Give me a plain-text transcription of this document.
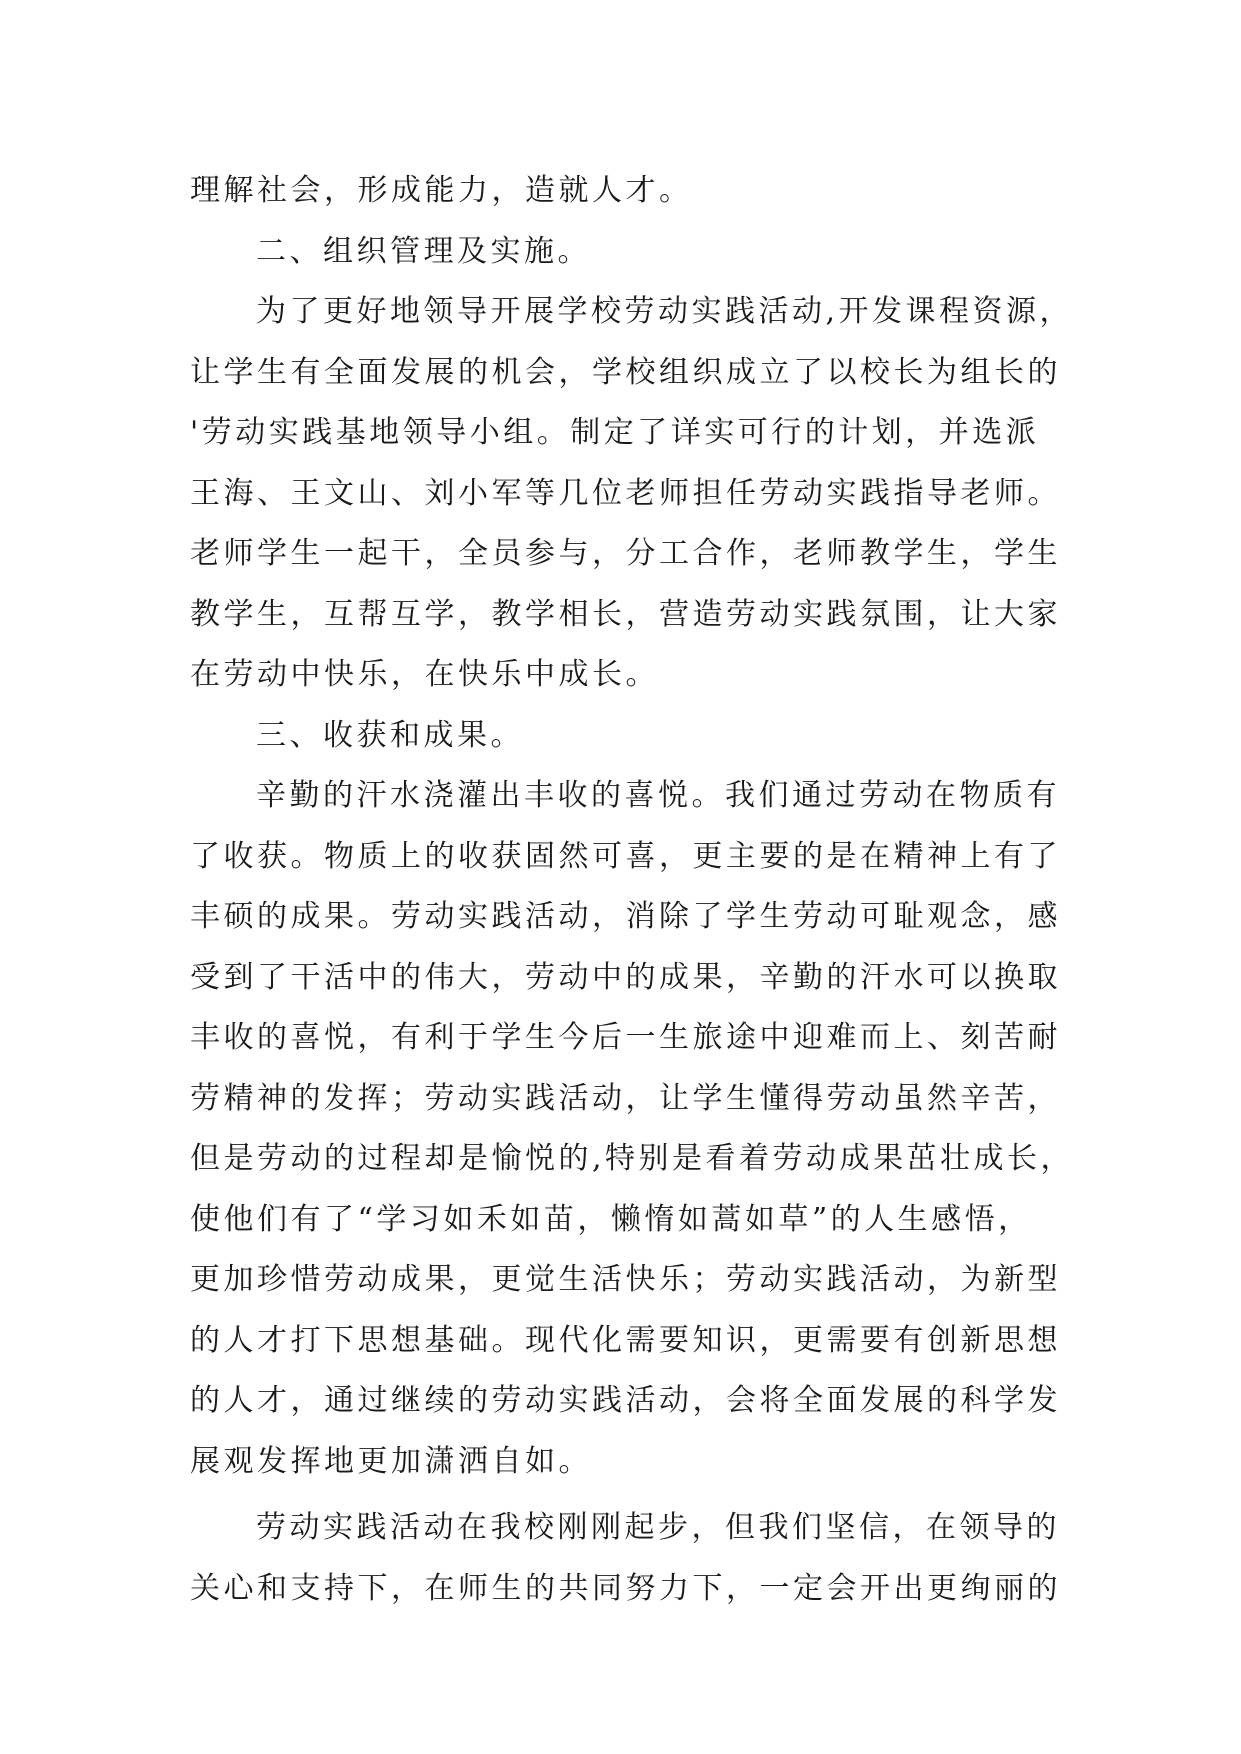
理解社会，形成能力，造就人才。
二、组织管理及实施。
为了更好地领导开展学校劳动实践活动,开发课程资源，
让学生有全面发展的机会，学校组织成立了以校长为组长的
'劳动实践基地领导小组。制定了详实可行的计划，并选派
王海、王文山、刘小军等几位老师担任劳动实践指导老师。
老师学生一起干，全员参与，分工合作，老师教学生，学生
教学生，互帮互学，教学相长，营造劳动实践氛围，让大家
在劳动中快乐，在快乐中成长。
三、收获和成果。
辛勤的汗水浇灌出丰收的喜悦。我们通过劳动在物质有
了收获。物质上的收获固然可喜，更主要的是在精神上有了
丰硕的成果。劳动实践活动，消除了学生劳动可耻观念，感
受到了干活中的伟大，劳动中的成果，辛勤的汗水可以换取
丰收的喜悦，有利于学生今后一生旅途中迎难而上、刻苦耐
劳精神的发挥；劳动实践活动，让学生懂得劳动虽然辛苦，
但是劳动的过程却是愉悦的,特别是看着劳动成果茁壮成长，
使他们有了“学习如禾如苗，懒惰如蒿如草”的人生感悟，
更加珍惜劳动成果，更觉生活快乐；劳动实践活动，为新型
的人才打下思想基础。现代化需要知识，更需要有创新思想
的人才，通过继续的劳动实践活动，会将全面发展的科学发
展观发挥地更加潇洒自如。
劳动实践活动在我校刚刚起步，但我们坚信，在领导的
关心和支持下，在师生的共同努力下，一定会开出更绚丽的
